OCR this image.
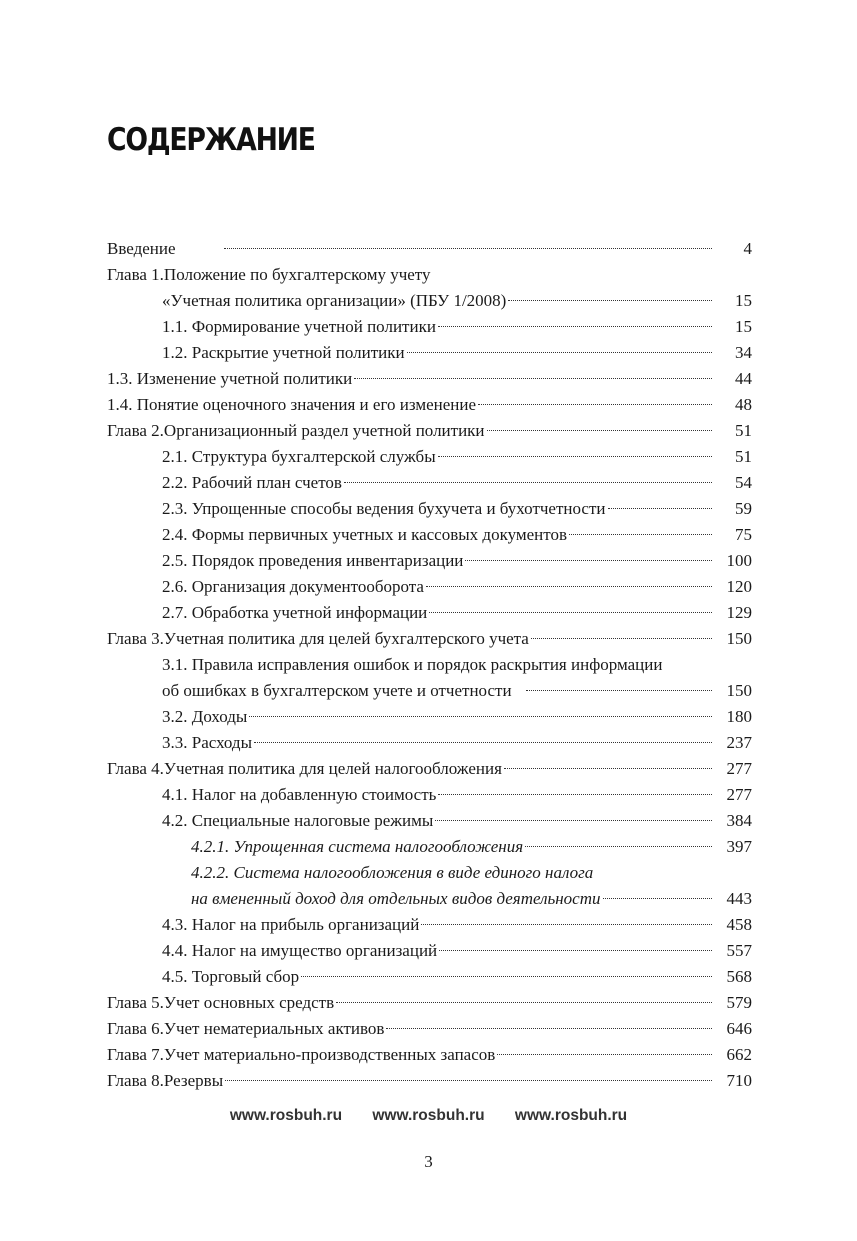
СОДЕРЖАНИЕ
Введение	4
Глава 1.Положение по бухгалтерскому учету
«Учетная политика организации» (ПБУ 1/2008)	15
1.1. Формирование учетной политики	15
1.2. Раскрытие учетной политики	34
1.3. Изменение учетной политики	44
1.4. Понятие оценочного значения и его изменение	48
Глава 2.Организационный раздел учетной политики	51
2.1. Структура бухгалтерской службы	51
2.2. Рабочий план счетов	54
2.3. Упрощенные способы ведения бухучета и бухотчетности	59
2.4. Формы первичных учетных и кассовых документов	75
2.5. Порядок проведения инвентаризации	100
2.6. Организация документооборота	120
2.7. Обработка учетной информации	129
Глава 3.Учетная политика для целей бухгалтерского учета	150
3.1. Правила исправления ошибок и порядок раскрытия информации
об ошибках в бухгалтерском учете и отчетности	150
3.2. Доходы	180
3.3. Расходы	237
Глава 4.Учетная политика для целей налогообложения	277
4.1. Налог на добавленную стоимость	277
4.2. Специальные налоговые режимы	384
4.2.1. Упрощенная система налогообложения	397
4.2.2. Система налогообложения в виде единого налога
на вмененный доход для отдельных видов деятельности	443
4.3. Налог на прибыль организаций	458
4.4. Налог на имущество организаций	557
4.5. Торговый сбор	568
Глава 5.Учет основных средств	579
Глава 6.Учет нематериальных активов	646
Глава 7.Учет материально-производственных запасов	662
Глава 8.Резервы	710
www.rosbuh.ru www.rosbuh.ru www.rosbuh.ru
3
